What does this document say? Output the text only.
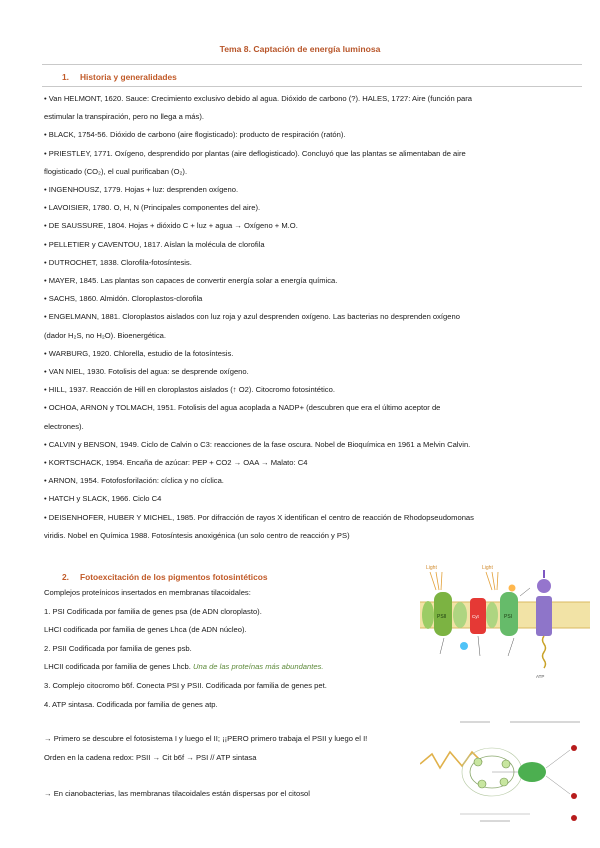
Tema 8. Captación de energía luminosa
1. Historia y generalidades

• Van HELMONT, 1620. Sauce: Crecimiento exclusivo debido al agua. Dióxido de carbono (?). HALES, 1727: Aire (función para

estimular la transpiración, pero no llega a más).

• BLACK, 1754-56. Dióxido de carbono (aire flogisticado): producto de respiración (ratón).

• PRIESTLEY, 1771. Oxígeno, desprendido por plantas (aire deflogisticado). Concluyó que las plantas se alimentaban de aire

flogisticado (CO₂), el cual purificaban (O₂).

• INGENHOUSZ, 1779. Hojas + luz: desprenden oxígeno.

• LAVOISIER, 1780. O, H, N (Principales componentes del aire).

• DE SAUSSURE, 1804. Hojas + dióxido C + luz + agua → Oxígeno + M.O.

• PELLETIER y CAVENTOU, 1817. Aíslan la molécula de clorofila

• DUTROCHET, 1838. Clorofila-fotosíntesis.

• MAYER, 1845. Las plantas son capaces de convertir energía solar a energía química.

• SACHS, 1860. Almidón. Cloroplastos-clorofila

• ENGELMANN, 1881. Cloroplastos aislados con luz roja y azul desprenden oxígeno. Las bacterias no desprenden oxígeno

(dador H₂S, no H₂O). Bioenergética.

• WARBURG, 1920. Chlorella, estudio de la fotosíntesis.

• VAN NIEL, 1930. Fotolisis del agua: se desprende oxígeno.

• HILL, 1937. Reacción de Hill en cloroplastos aislados (↑ O2). Citocromo fotosintético.

• OCHOA, ARNON y TOLMACH, 1951. Fotolisis del agua acoplada a NADP+ (descubren que era el último aceptor de

electrones).

• CALVIN y BENSON, 1949. Ciclo de Calvin o C3: reacciones de la fase oscura. Nobel de Bioquímica en 1961 a Melvin Calvin.

• KORTSCHACK, 1954. Encaña de azúcar: PEP + CO2 → OAA → Malato: C4

• ARNON, 1954. Fotofosforilación: cíclica y no cíclica.

• HATCH y SLACK, 1966. Ciclo C4

• DEISENHOFER, HUBER Y MICHEL, 1985. Por difracción de rayos X identifican el centro de reacción de Rhodopseudomonas

viridis. Nobel en Química 1988. Fotosíntesis anoxigénica (un solo centro de reacción y PS)

2. Fotoexcitación de los pigmentos fotosintéticos

Complejos proteínicos insertados en membranas tilacoidales:

1. PSI Codificada por familia de genes psa (de ADN cloroplasto).

LHCI codificada por familia de genes Lhca (de ADN núcleo).

2. PSII Codificada por familia de genes psb.

LHCII codificada por familia de genes Lhcb. Una de las proteínas más abundantes.

3. Complejo citocromo b6f. Conecta PSI y PSII. Codificada por familia de genes pet.

4. ATP sintasa. Codificada por familia de genes atp.

→ Primero se descubre el fotosistema I y luego el II; ¡¡PERO primero trabaja el PSII y luego el I!

Orden en la cadena redox: PSII → Cit b6f → PSI // ATP sintasa

→ En cianobacterias, las membranas tilacoidales están dispersas por el citosol

Light	Light
PSII	Cyt	PSI
ATP
